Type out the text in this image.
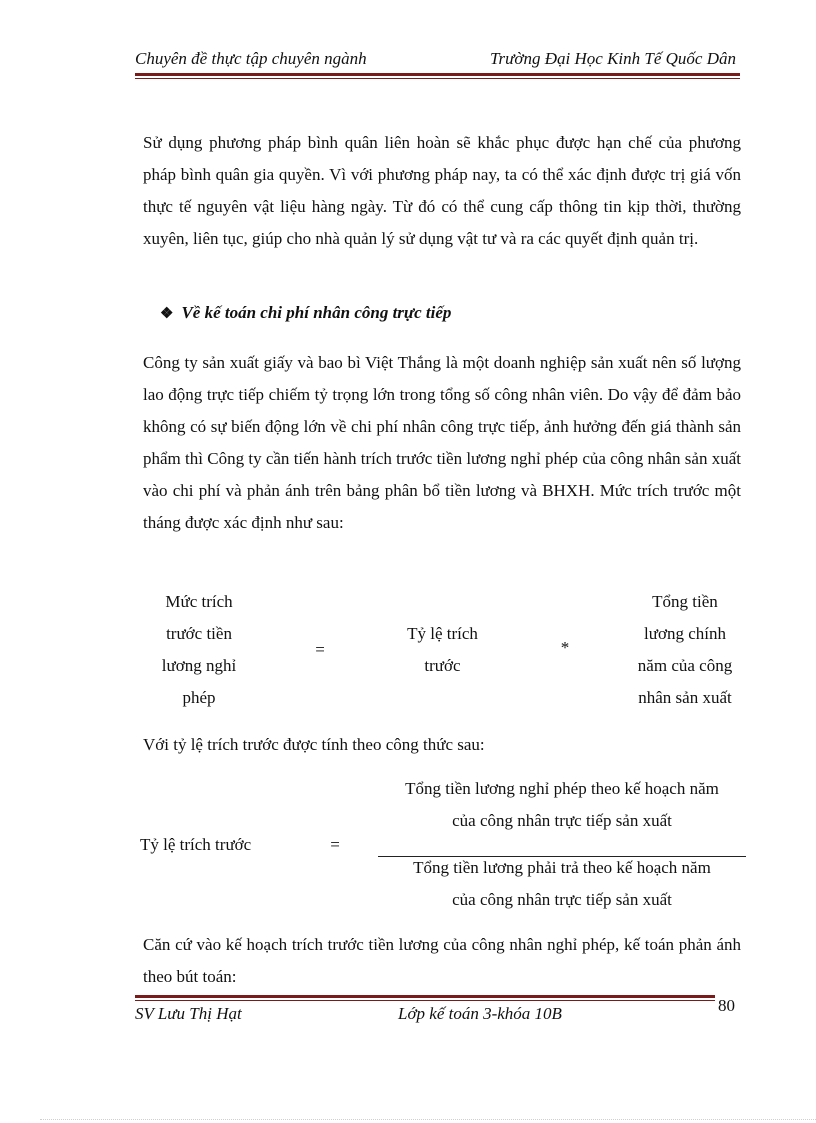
Chuyên đề thực tập chuyên ngành	Trường Đại Học Kinh Tế Quốc Dân
Sử dụng phương pháp bình quân liên hoàn sẽ khắc phục được hạn chế của phương pháp bình quân gia quyền. Vì với phương pháp nay, ta có thể xác định được trị giá vốn thực tế nguyên vật liệu hàng ngày. Từ đó có thể cung cấp thông tin kịp thời, thường xuyên, liên tục, giúp cho nhà quản lý sử dụng vật tư và ra các quyết định quản trị.
❖ Về kế toán chi phí nhân công trực tiếp
Công ty sản xuất giấy và bao bì Việt Thắng là một doanh nghiệp sản xuất nên số lượng lao động trực tiếp chiếm tỷ trọng lớn trong tổng số công nhân viên. Do vậy để đảm bảo không có sự biến động lớn về chi phí nhân công trực tiếp, ảnh hưởng đến giá thành sản phẩm thì Công ty cần tiến hành trích trước tiền lương nghỉ phép của công nhân sản xuất vào chi phí và phản ánh trên bảng phân bổ tiền lương và BHXH. Mức trích trước một tháng được xác định như sau:
Mức trích
trước tiền
lương nghỉ
phép
=
Tỷ lệ trích
trước
*
Tổng tiền
lương chính
năm của công
nhân sản xuất
Với tỷ lệ trích trước được tính theo công thức sau:
Tỷ lệ trích trước	=
Tổng tiền lương nghỉ phép theo kế hoạch năm
của công nhân trực tiếp sản xuất
Tổng tiền lương phải trả theo kế hoạch năm
của công nhân trực tiếp sản xuất
Căn cứ vào kế hoạch trích trước tiền lương của công nhân nghỉ phép, kế toán phản ánh theo bút toán:
SV Lưu Thị Hạt	Lớp kế toán 3-khóa 10B	80
